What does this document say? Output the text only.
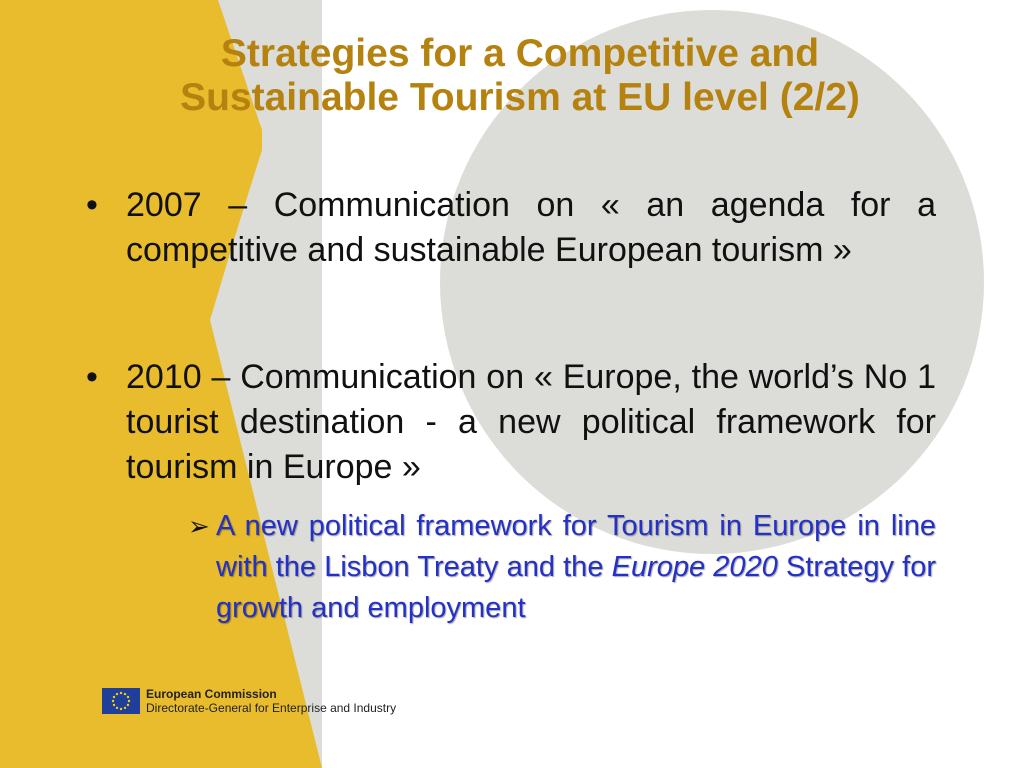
Strategies for a Competitive and
Sustainable Tourism at EU level (2/2)
• 2007 – Communication on « an agenda for a competitive and sustainable European tourism »
• 2010 – Communication on « Europe, the world’s No 1 tourist destination - a new political framework for tourism in Europe »
➢ A new political framework for Tourism in Europe in line with the Lisbon Treaty and the Europe 2020 Strategy for growth and employment
European Commission
Directorate-General for Enterprise and Industry
